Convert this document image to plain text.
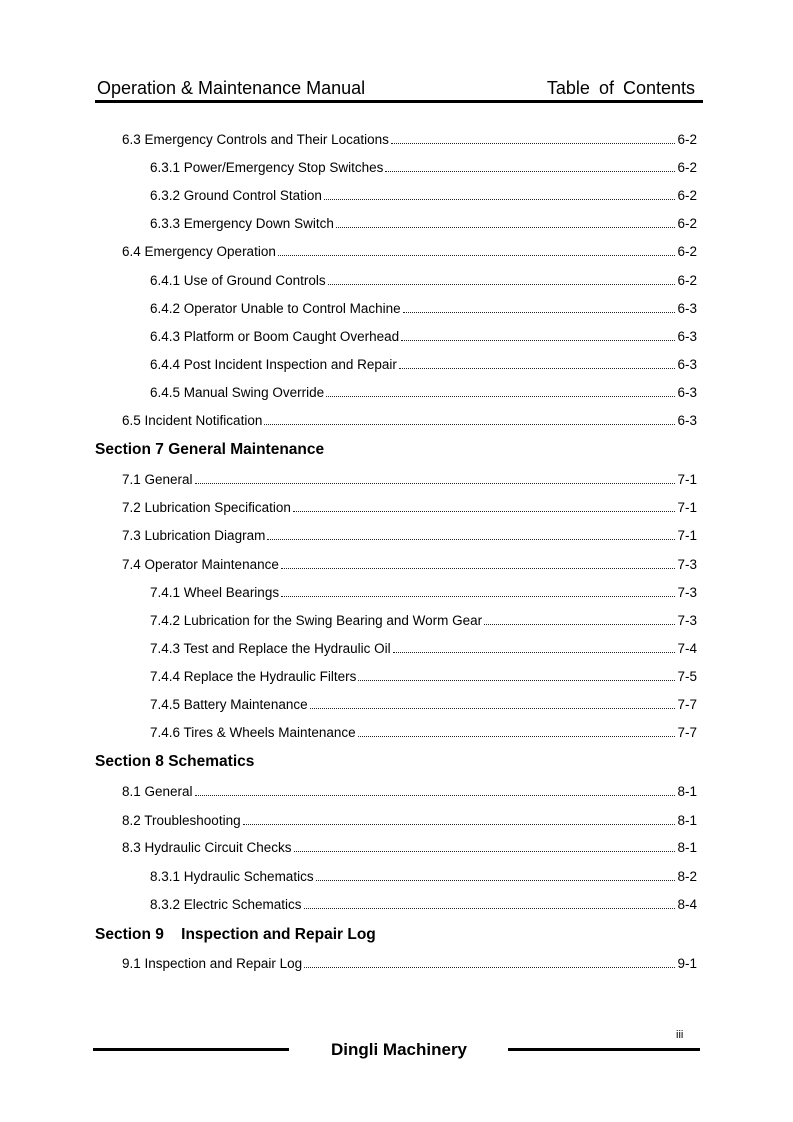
Operation & Maintenance Manual	Table of Contents
6.3 Emergency Controls and Their Locations	6-2
6.3.1 Power/Emergency Stop Switches	6-2
6.3.2 Ground Control Station	6-2
6.3.3 Emergency Down Switch	6-2
6.4 Emergency Operation	6-2
6.4.1 Use of Ground Controls	6-2
6.4.2 Operator Unable to Control Machine	6-3
6.4.3 Platform or Boom Caught Overhead	6-3
6.4.4 Post Incident Inspection and Repair	6-3
6.4.5 Manual Swing Override	6-3
6.5 Incident Notification	6-3
Section 7 General Maintenance
7.1 General	7-1
7.2 Lubrication Specification	7-1
7.3 Lubrication Diagram	7-1
7.4 Operator Maintenance	7-3
7.4.1 Wheel Bearings	7-3
7.4.2 Lubrication for the Swing Bearing and Worm Gear	7-3
7.4.3 Test and Replace the Hydraulic Oil	7-4
7.4.4 Replace the Hydraulic Filters	7-5
7.4.5 Battery Maintenance	7-7
7.4.6 Tires & Wheels Maintenance	7-7
Section 8 Schematics
8.1 General	8-1
8.2 Troubleshooting	8-1
8.3 Hydraulic Circuit Checks	8-1
8.3.1 Hydraulic Schematics	8-2
8.3.2 Electric Schematics	8-4
Section 9    Inspection and Repair Log
9.1 Inspection and Repair Log	9-1
iii
Dingli Machinery
